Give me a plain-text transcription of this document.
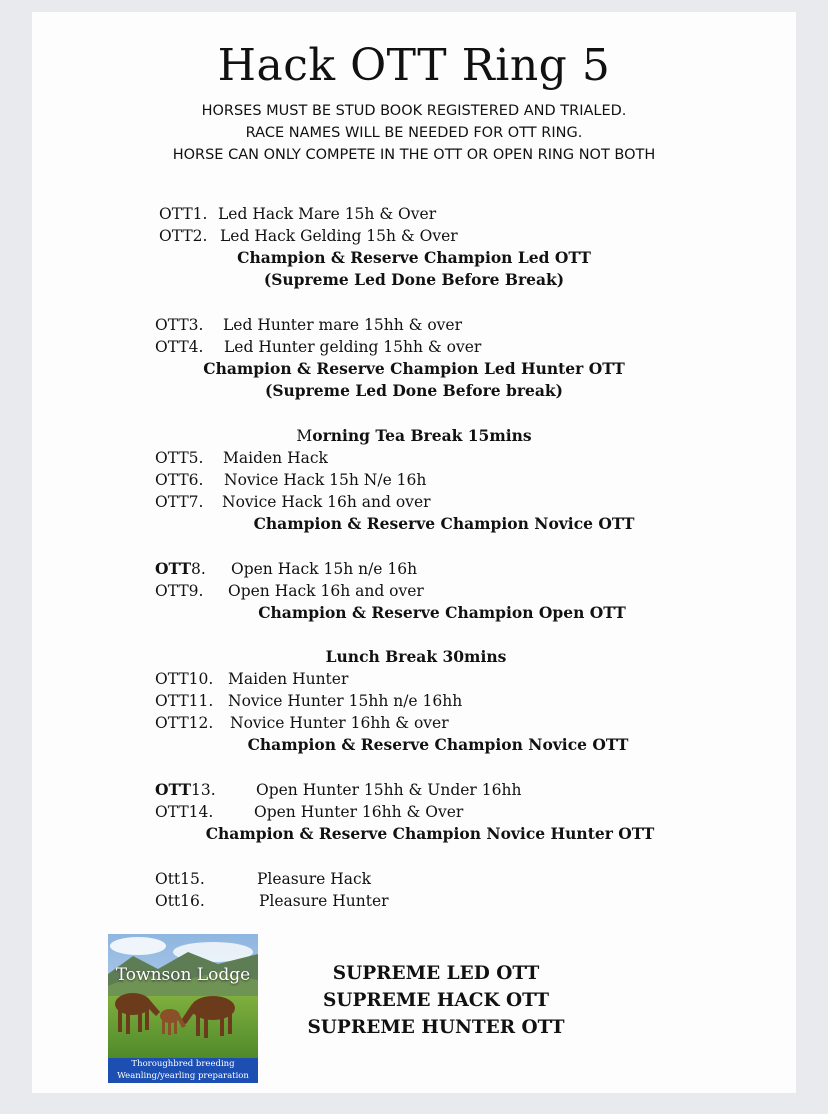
Hack OTT Ring 5
HORSES MUST BE STUD BOOK REGISTERED AND TRIALED.
RACE NAMES WILL BE NEEDED FOR OTT RING.
HORSE CAN ONLY COMPETE IN THE OTT OR OPEN RING NOT BOTH
OTT1. Led Hack Mare 15h & Over
OTT2. Led Hack Gelding 15h & Over
Champion & Reserve Champion Led OTT
(Supreme Led Done Before Break)
OTT3. Led Hunter mare 15hh & over
OTT4. Led Hunter gelding 15hh & over
Champion & Reserve Champion Led Hunter OTT
(Supreme Led Done Before break)
Morning Tea Break 15mins
OTT5. Maiden Hack
OTT6. Novice Hack 15h N/e 16h
OTT7. Novice Hack 16h and over
Champion & Reserve Champion Novice OTT
OTT8. Open Hack 15h n/e 16h
OTT9. Open Hack 16h and over
Champion & Reserve Champion Open OTT
Lunch Break 30mins
OTT10. Maiden Hunter
OTT11. Novice Hunter 15hh n/e 16hh
OTT12. Novice Hunter 16hh & over
Champion & Reserve Champion Novice OTT
OTT13.	Open Hunter 15hh & Under 16hh
OTT14.	Open Hunter 16hh & Over
Champion & Reserve Champion Novice Hunter OTT
Ott15.	Pleasure Hack
Ott16.	Pleasure Hunter
Townson Lodge
Thoroughbred breeding
Weanling/yearling preparation
SUPREME LED OTT
SUPREME HACK OTT
SUPREME HUNTER OTT
